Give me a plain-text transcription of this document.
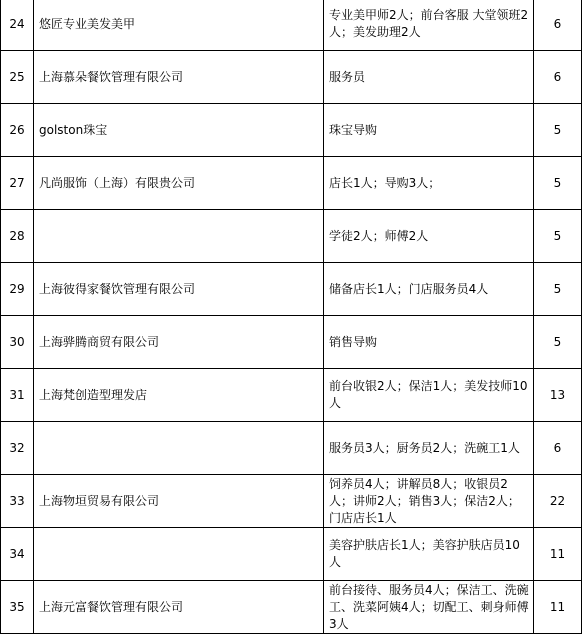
24	悠匠专业美发美甲	专业美甲师2人；前台客服 大堂领班2人；美发助理2人	6
25	上海慕朵餐饮管理有限公司	服务员	6
26	golston珠宝	珠宝导购	5
27	凡尚服饰（上海）有限贵公司	店长1人；导购3人；	5
28		学徒2人；师傅2人	5
29	上海彼得家餐饮管理有限公司	储备店长1人；门店服务员4人	5
30	上海骅腾商贸有限公司	销售导购	5
31	上海梵创造型理发店	前台收银2人；保洁1人；美发技师10人	13
32		服务员3人；厨务员2人；洗碗工1人	6
33	上海物垣贸易有限公司	饲养员4人；讲解员8人；收银员2人；讲师2人；销售3人；保洁2人；门店店长1人	22
34		美容护肤店长1人；美容护肤店员10人	11
35	上海元富餐饮管理有限公司	前台接待、服务员4人；保洁工、洗碗工、洗菜阿姨4人；切配工、刺身师傅3人	11
